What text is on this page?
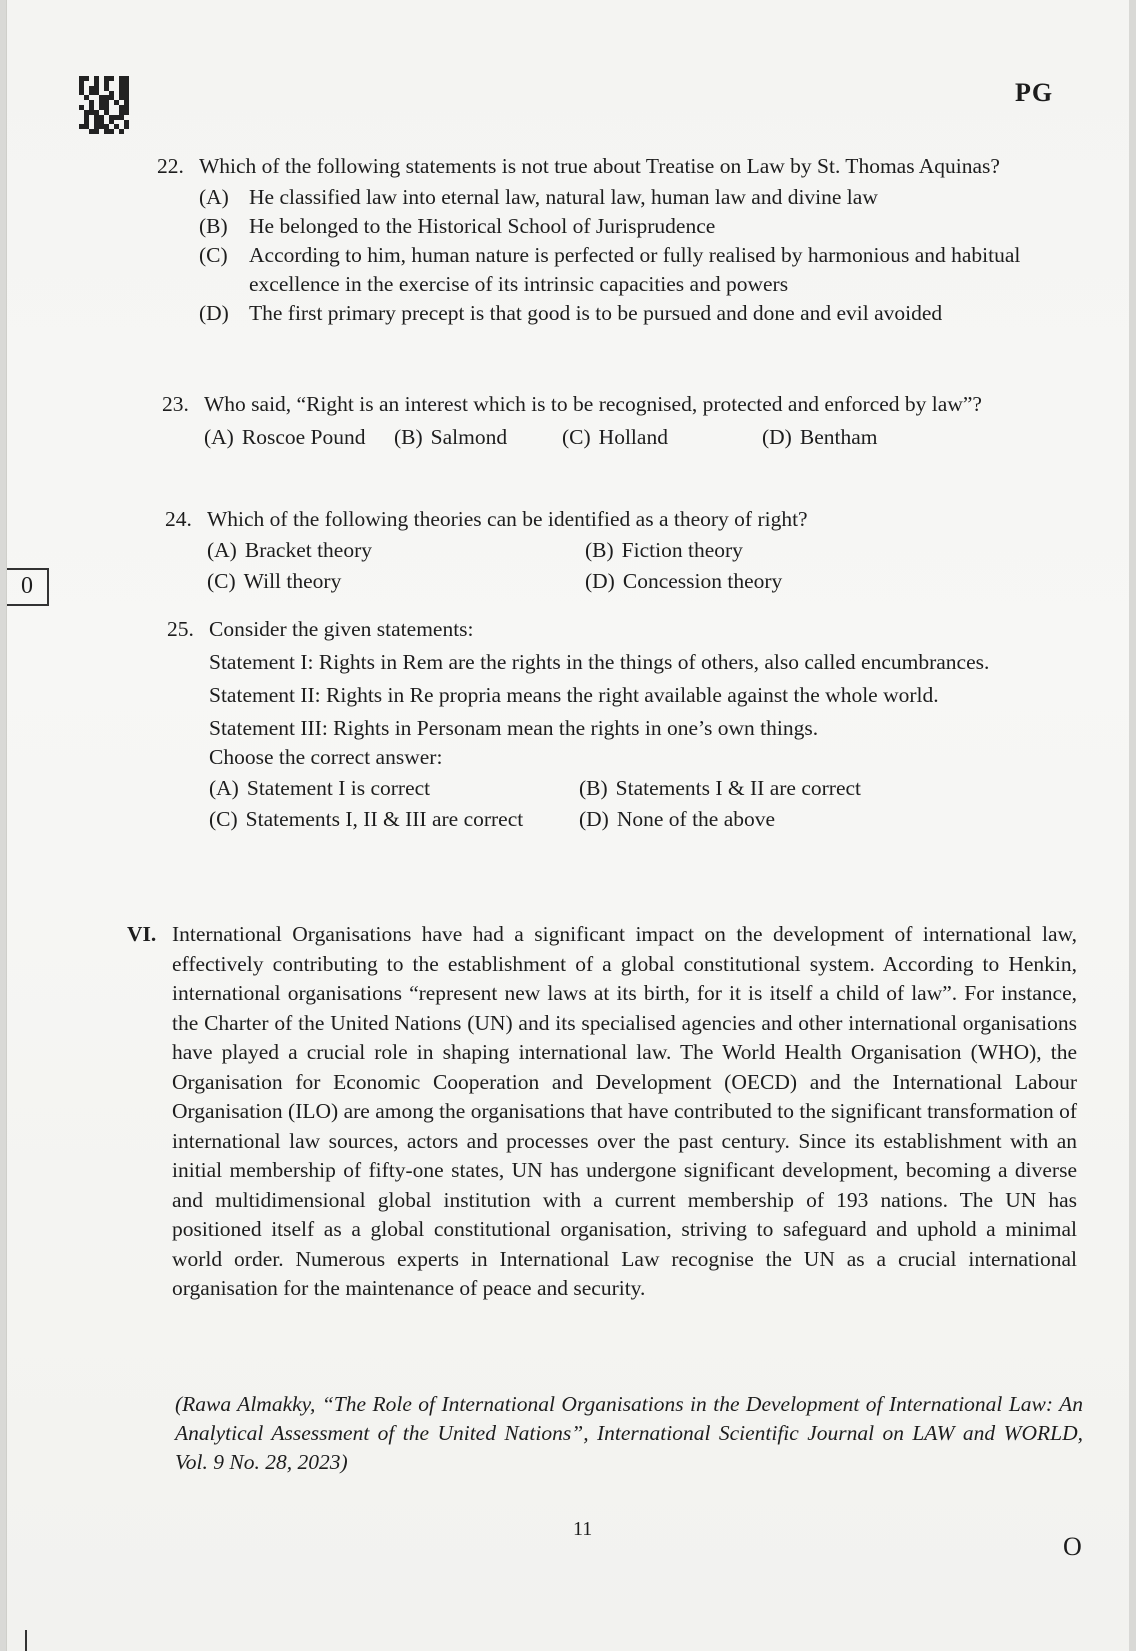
PG
0
22. Which of the following statements is not true about Treatise on Law by St. Thomas Aquinas?
(A) He classified law into eternal law, natural law, human law and divine law
(B) He belonged to the Historical School of Jurisprudence
(C) According to him, human nature is perfected or fully realised by harmonious and habitual excellence in the exercise of its intrinsic capacities and powers
(D) The first primary precept is that good is to be pursued and done and evil avoided
23. Who said, “Right is an interest which is to be recognised, protected and enforced by law”?
(A) Roscoe Pound (B) Salmond	(C) Holland	(D) Bentham
24. Which of the following theories can be identified as a theory of right?
(A) Bracket theory	(B) Fiction theory
(C) Will theory	(D) Concession theory
25. Consider the given statements:
Statement I: Rights in Rem are the rights in the things of others, also called encumbrances.
Statement II: Rights in Re propria means the right available against the whole world.
Statement III: Rights in Personam mean the rights in one’s own things.
Choose the correct answer:
(A) Statement I is correct	(B) Statements I & II are correct
(C) Statements I, II & III are correct	(D) None of the above
VI. International Organisations have had a significant impact on the development of international law, effectively contributing to the establishment of a global constitutional system. According to Henkin, international organisations “represent new laws at its birth, for it is itself a child of law”. For instance, the Charter of the United Nations (UN) and its specialised agencies and other international organisations have played a crucial role in shaping international law. The World Health Organisation (WHO), the Organisation for Economic Cooperation and Development (OECD) and the International Labour Organisation (ILO) are among the organisations that have contributed to the significant transformation of international law sources, actors and processes over the past century. Since its establishment with an initial membership of fifty-one states, UN has undergone significant development, becoming a diverse and multidimensional global institution with a current membership of 193 nations. The UN has positioned itself as a global constitutional organisation, striving to safeguard and uphold a minimal world order. Numerous experts in International Law recognise the UN as a crucial international organisation for the maintenance of peace and security.
(Rawa Almakky, “The Role of International Organisations in the Development of International Law: An Analytical Assessment of the United Nations”, International Scientific Journal on LAW and WORLD, Vol. 9 No. 28, 2023)
11
O
